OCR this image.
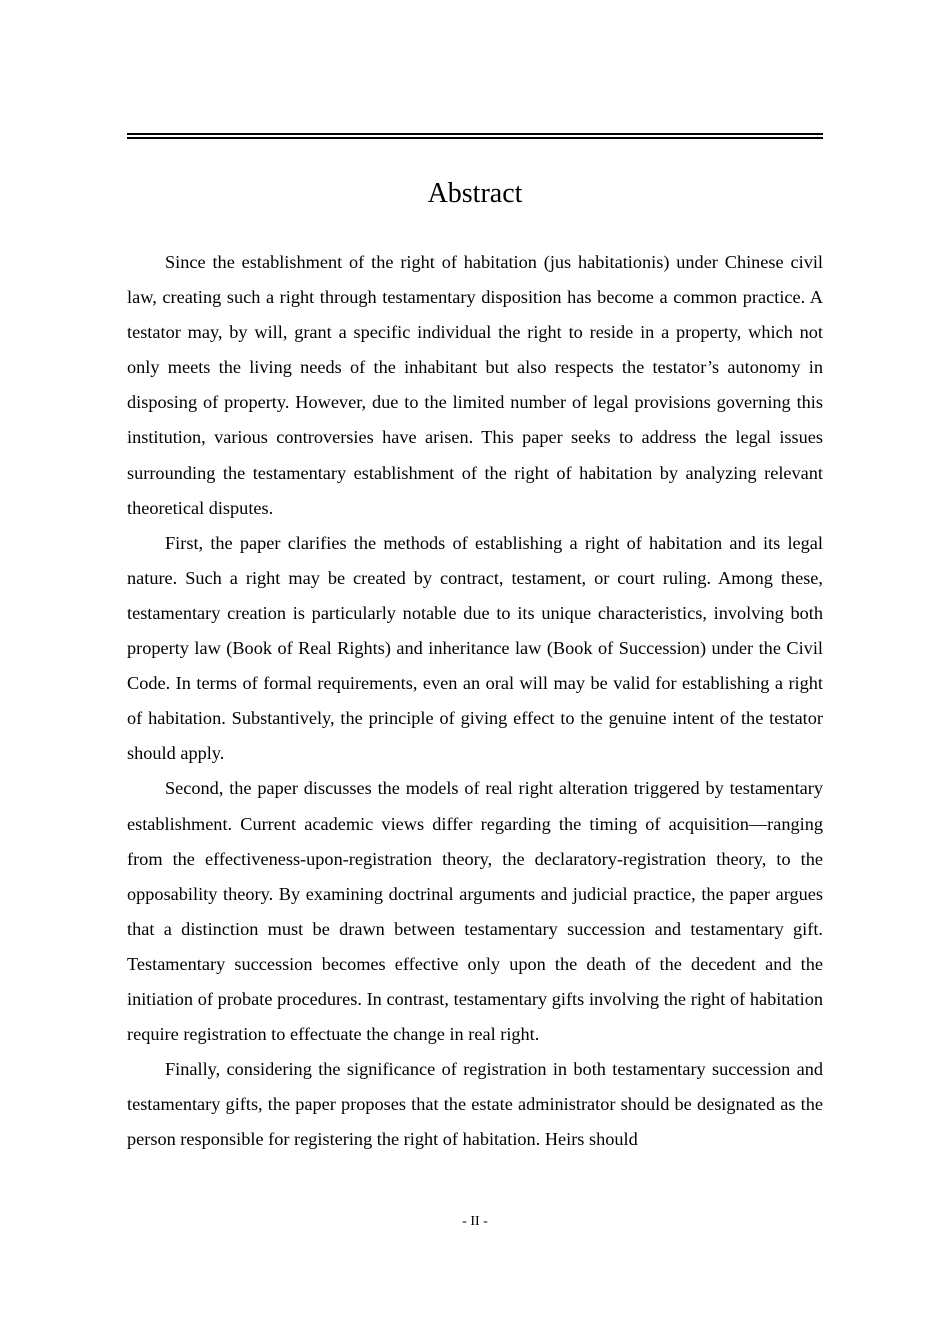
Abstract

Since the establishment of the right of habitation (jus habitationis) under Chinese civil law, creating such a right through testamentary disposition has become a common practice. A testator may, by will, grant a specific individual the right to reside in a property, which not only meets the living needs of the inhabitant but also respects the testator’s autonomy in disposing of property. However, due to the limited number of legal provisions governing this institution, various controversies have arisen. This paper seeks to address the legal issues surrounding the testamentary establishment of the right of habitation by analyzing relevant theoretical disputes.

First, the paper clarifies the methods of establishing a right of habitation and its legal nature. Such a right may be created by contract, testament, or court ruling. Among these, testamentary creation is particularly notable due to its unique characteristics, involving both property law (Book of Real Rights) and inheritance law (Book of Succession) under the Civil Code. In terms of formal requirements, even an oral will may be valid for establishing a right of habitation. Substantively, the principle of giving effect to the genuine intent of the testator should apply.

Second, the paper discusses the models of real right alteration triggered by testamentary establishment. Current academic views differ regarding the timing of acquisition—ranging from the effectiveness-upon-registration theory, the declaratory-registration theory, to the opposability theory. By examining doctrinal arguments and judicial practice, the paper argues that a distinction must be drawn between testamentary succession and testamentary gift. Testamentary succession becomes effective only upon the death of the decedent and the initiation of probate procedures. In contrast, testamentary gifts involving the right of habitation require registration to effectuate the change in real right.

Finally, considering the significance of registration in both testamentary succession and testamentary gifts, the paper proposes that the estate administrator should be designated as the person responsible for registering the right of habitation. Heirs should

- II -
